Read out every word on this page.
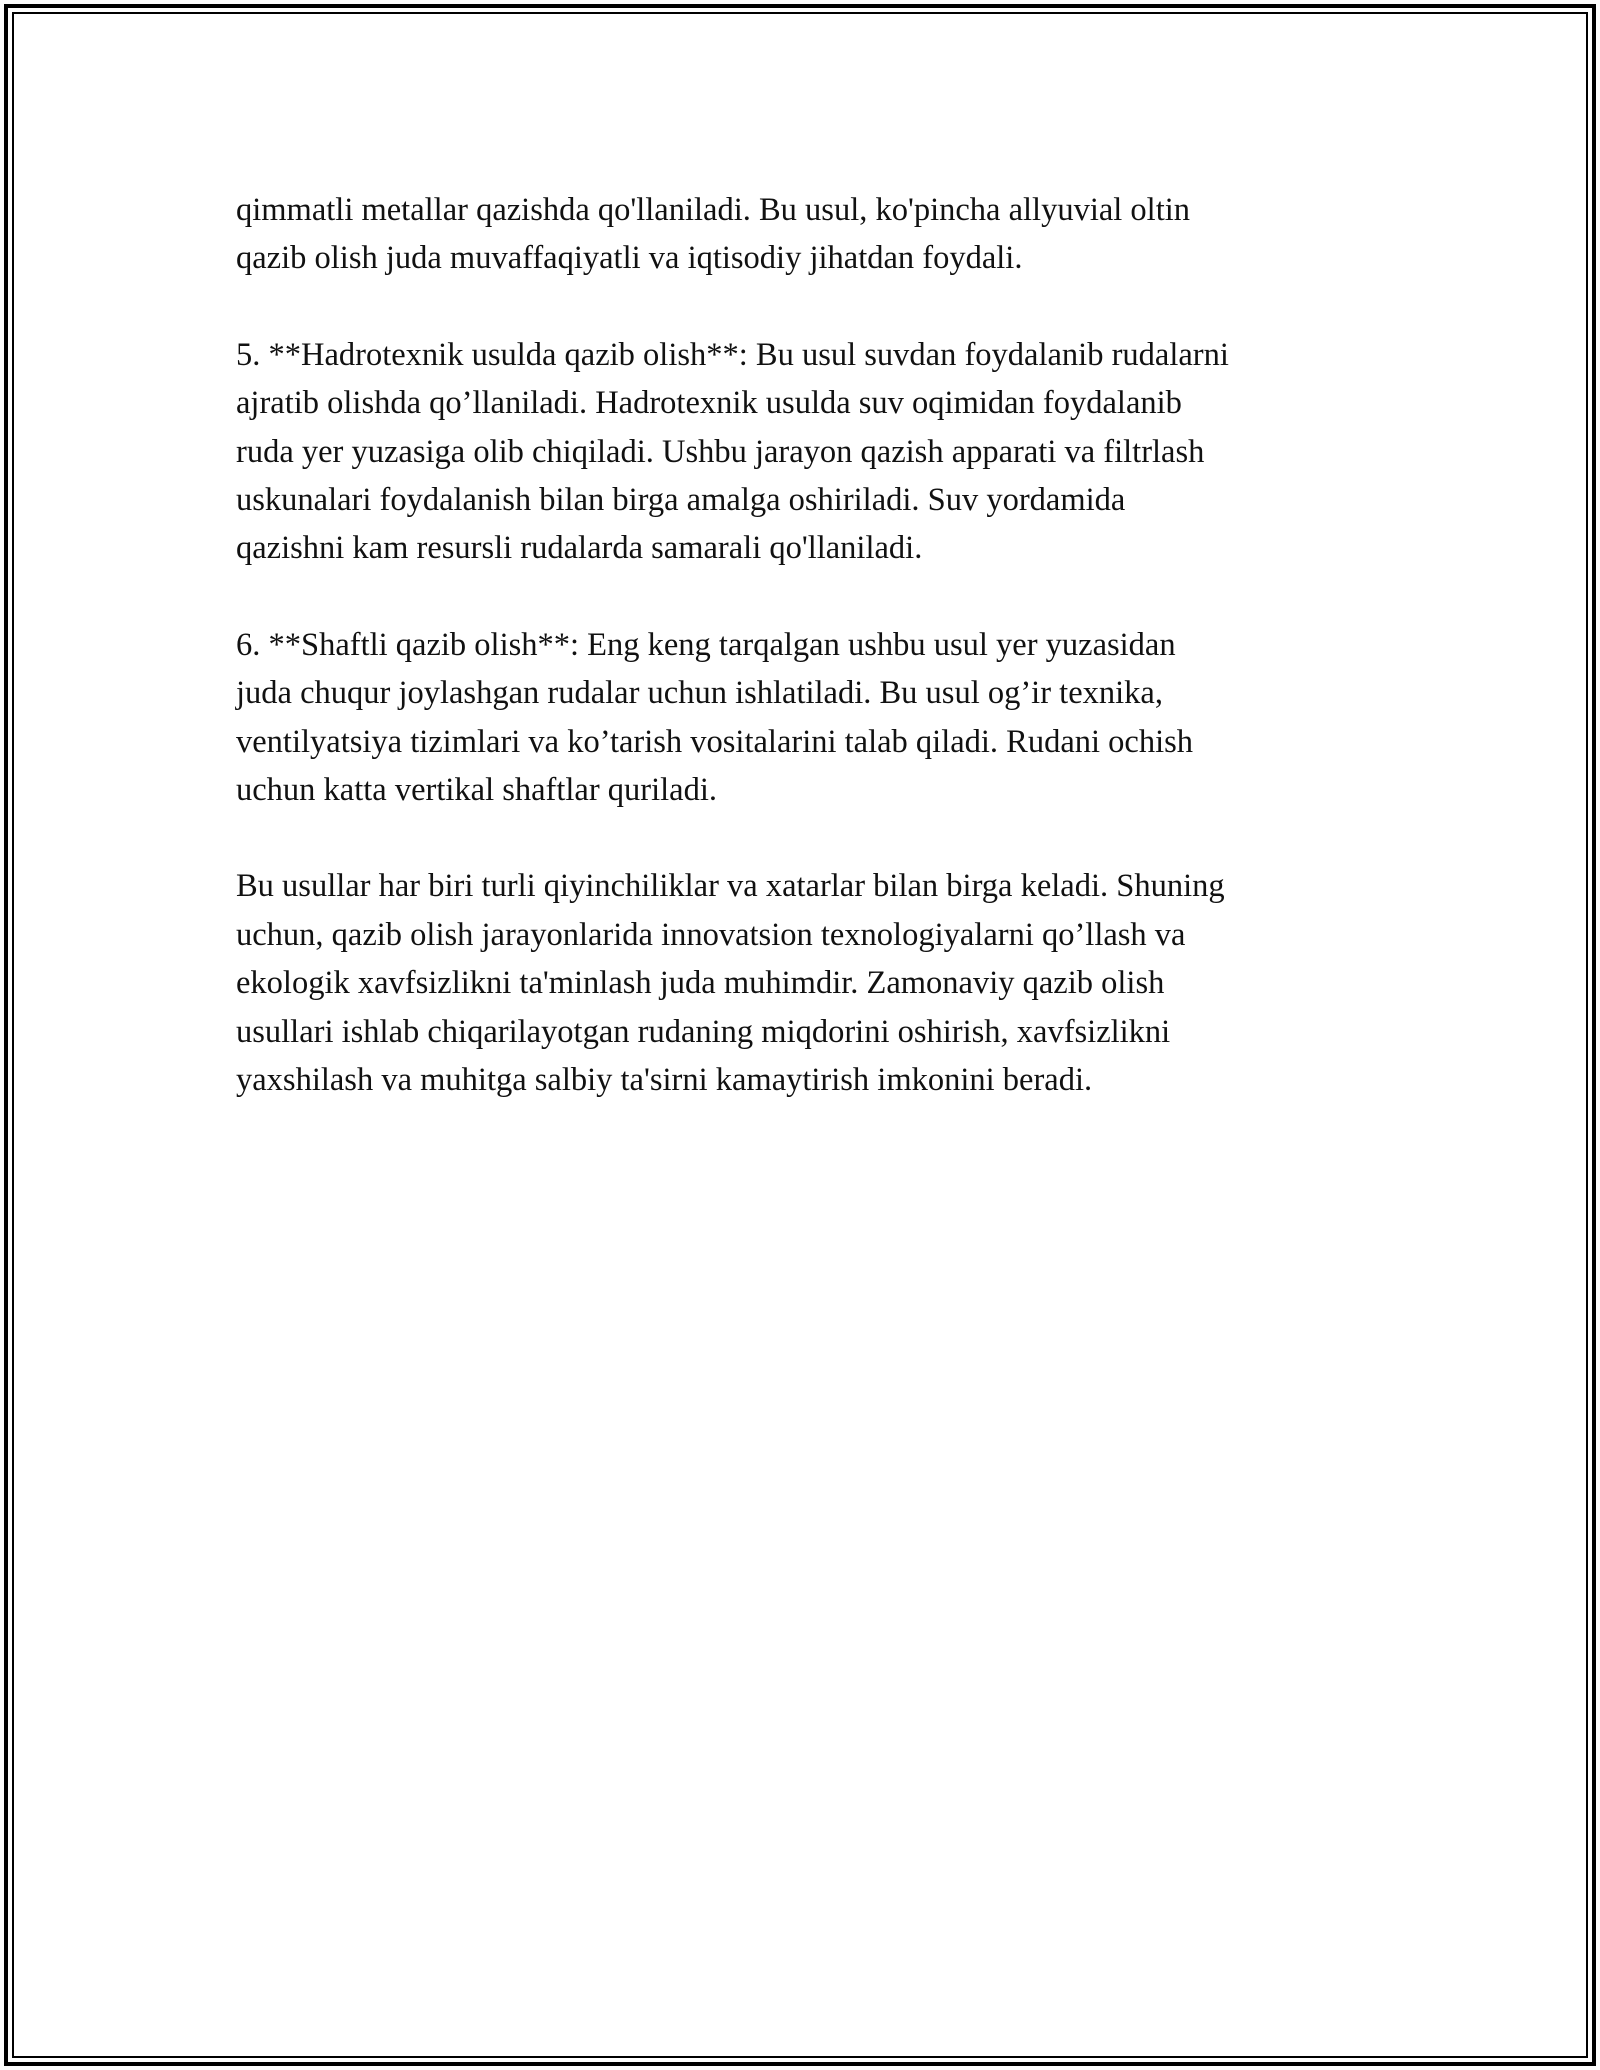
qimmatli metallar qazishda qo'llaniladi. Bu usul, ko'pincha allyuvial oltin
qazib olish juda muvaffaqiyatli va iqtisodiy jihatdan foydali.

5. **Hadrotexnik usulda qazib olish**: Bu usul suvdan foydalanib rudalarni
ajratib olishda qo’llaniladi. Hadrotexnik usulda suv oqimidan foydalanib
ruda yer yuzasiga olib chiqiladi. Ushbu jarayon qazish apparati va filtrlash
uskunalari foydalanish bilan birga amalga oshiriladi. Suv yordamida
qazishni kam resursli rudalarda samarali qo'llaniladi.

6. **Shaftli qazib olish**: Eng keng tarqalgan ushbu usul yer yuzasidan
juda chuqur joylashgan rudalar uchun ishlatiladi. Bu usul og’ir texnika,
ventilyatsiya tizimlari va ko’tarish vositalarini talab qiladi. Rudani ochish
uchun katta vertikal shaftlar quriladi.

Bu usullar har biri turli qiyinchiliklar va xatarlar bilan birga keladi. Shuning
uchun, qazib olish jarayonlarida innovatsion texnologiyalarni qo’llash va
ekologik xavfsizlikni ta'minlash juda muhimdir. Zamonaviy qazib olish
usullari ishlab chiqarilayotgan rudaning miqdorini oshirish, xavfsizlikni
yaxshilash va muhitga salbiy ta'sirni kamaytirish imkonini beradi.
